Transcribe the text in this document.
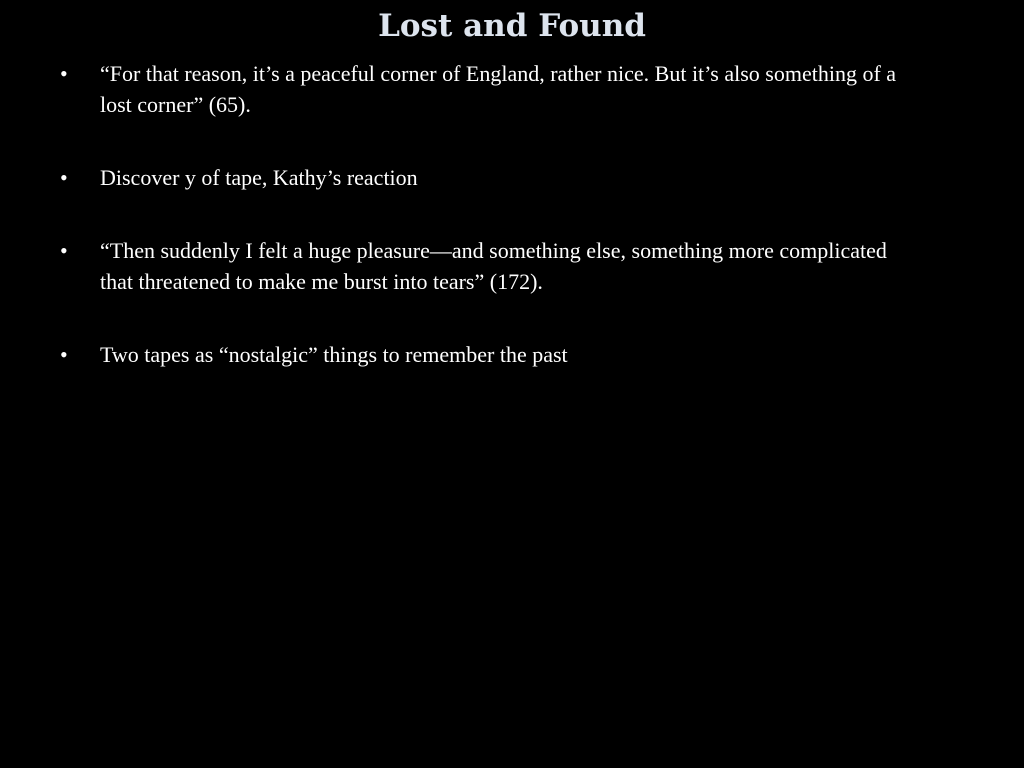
Lost and Found
• “For that reason, it’s a peaceful corner of England, rather nice. But it’s also something of a lost corner” (65).
• Discover y of tape, Kathy’s reaction
• “Then suddenly I felt a huge pleasure—and something else, something more complicated that threatened to make me burst into tears” (172).
• Two tapes as “nostalgic” things to remember the past
